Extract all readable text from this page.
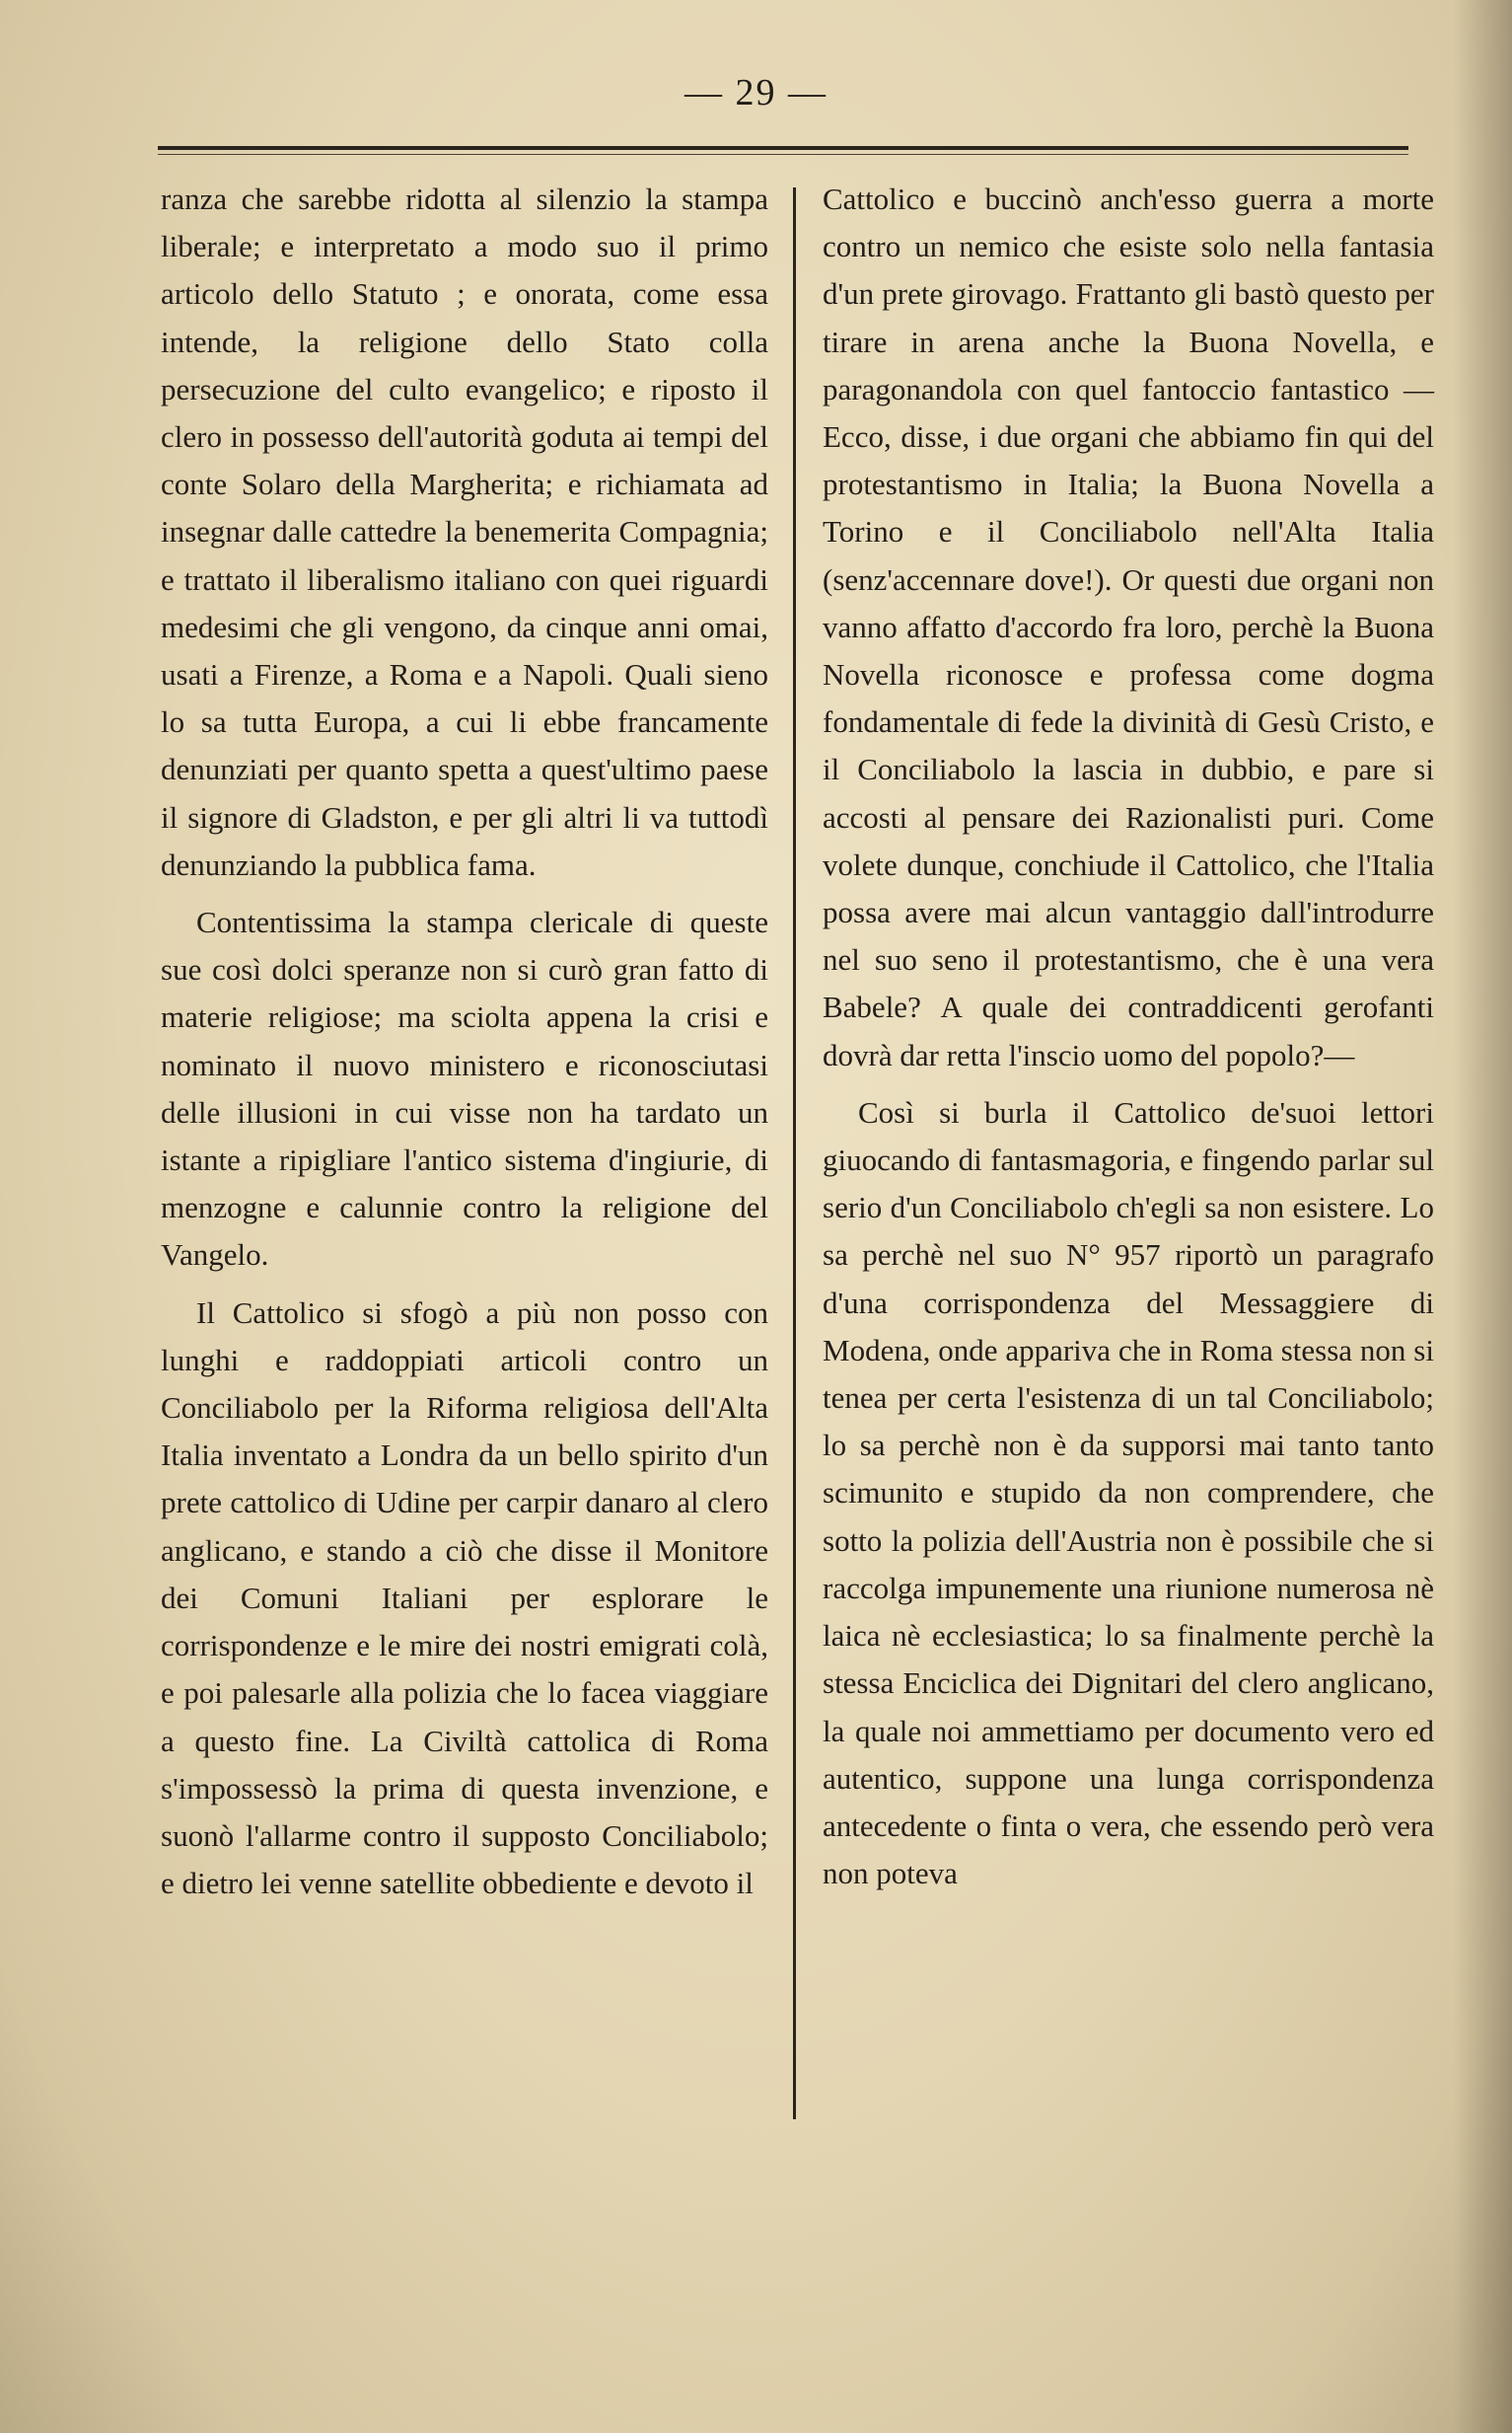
— 29 —

ranza che sarebbe ridotta al silenzio la stampa liberale; e interpretato a modo suo il primo articolo dello Statuto ; e onorata, come essa intende, la religione dello Stato colla persecuzione del culto evangelico; e riposto il clero in possesso dell'autorità goduta ai tempi del conte Solaro della Margherita; e richiamata ad insegnar dalle cattedre la benemerita Compagnia; e trattato il liberalismo italiano con quei riguardi medesimi che gli vengono, da cinque anni omai, usati a Firenze, a Roma e a Napoli. Quali sieno lo sa tutta Europa, a cui li ebbe francamente denunziati per quanto spetta a quest'ultimo paese il signore di Gladston, e per gli altri li va tuttodì denunziando la pubblica fama.

Contentissima la stampa clericale di queste sue così dolci speranze non si curò gran fatto di materie religiose; ma sciolta appena la crisi e nominato il nuovo ministero e riconosciutasi delle illusioni in cui visse non ha tardato un istante a ripigliare l'antico sistema d'ingiurie, di menzogne e calunnie contro la religione del Vangelo.

Il Cattolico si sfogò a più non posso con lunghi e raddoppiati articoli contro un Conciliabolo per la Riforma religiosa dell'Alta Italia inventato a Londra da un bello spirito d'un prete cattolico di Udine per carpir danaro al clero anglicano, e stando a ciò che disse il Monitore dei Comuni Italiani per esplorare le corrispondenze e le mire dei nostri emigrati colà, e poi palesarle alla polizia che lo facea viaggiare a questo fine. La Civiltà cattolica di Roma s'impossessò la prima di questa invenzione, e suonò l'allarme contro il supposto Conciliabolo; e dietro lei venne satellite obbediente e devoto il

Cattolico e buccinò anch'esso guerra a morte contro un nemico che esiste solo nella fantasia d'un prete girovago. Frattanto gli bastò questo per tirare in arena anche la Buona Novella, e paragonandola con quel fantoccio fantastico — Ecco, disse, i due organi che abbiamo fin qui del protestantismo in Italia; la Buona Novella a Torino e il Conciliabolo nell'Alta Italia (senz'accennare dove!). Or questi due organi non vanno affatto d'accordo fra loro, perchè la Buona Novella riconosce e professa come dogma fondamentale di fede la divinità di Gesù Cristo, e il Conciliabolo la lascia in dubbio, e pare si accosti al pensare dei Razionalisti puri. Come volete dunque, conchiude il Cattolico, che l'Italia possa avere mai alcun vantaggio dall'introdurre nel suo seno il protestantismo, che è una vera Babele? A quale dei contraddicenti gerofanti dovrà dar retta l'inscio uomo del popolo?—

Così si burla il Cattolico de'suoi lettori giuocando di fantasmagoria, e fingendo parlar sul serio d'un Conciliabolo ch'egli sa non esistere. Lo sa perchè nel suo N° 957 riportò un paragrafo d'una corrispondenza del Messaggiere di Modena, onde appariva che in Roma stessa non si tenea per certa l'esistenza di un tal Conciliabolo; lo sa perchè non è da supporsi mai tanto tanto scimunito e stupido da non comprendere, che sotto la polizia dell'Austria non è possibile che si raccolga impunemente una riunione numerosa nè laica nè ecclesiastica; lo sa finalmente perchè la stessa Enciclica dei Dignitari del clero anglicano, la quale noi ammettiamo per documento vero ed autentico, suppone una lunga corrispondenza antecedente o finta o vera, che essendo però vera non poteva
